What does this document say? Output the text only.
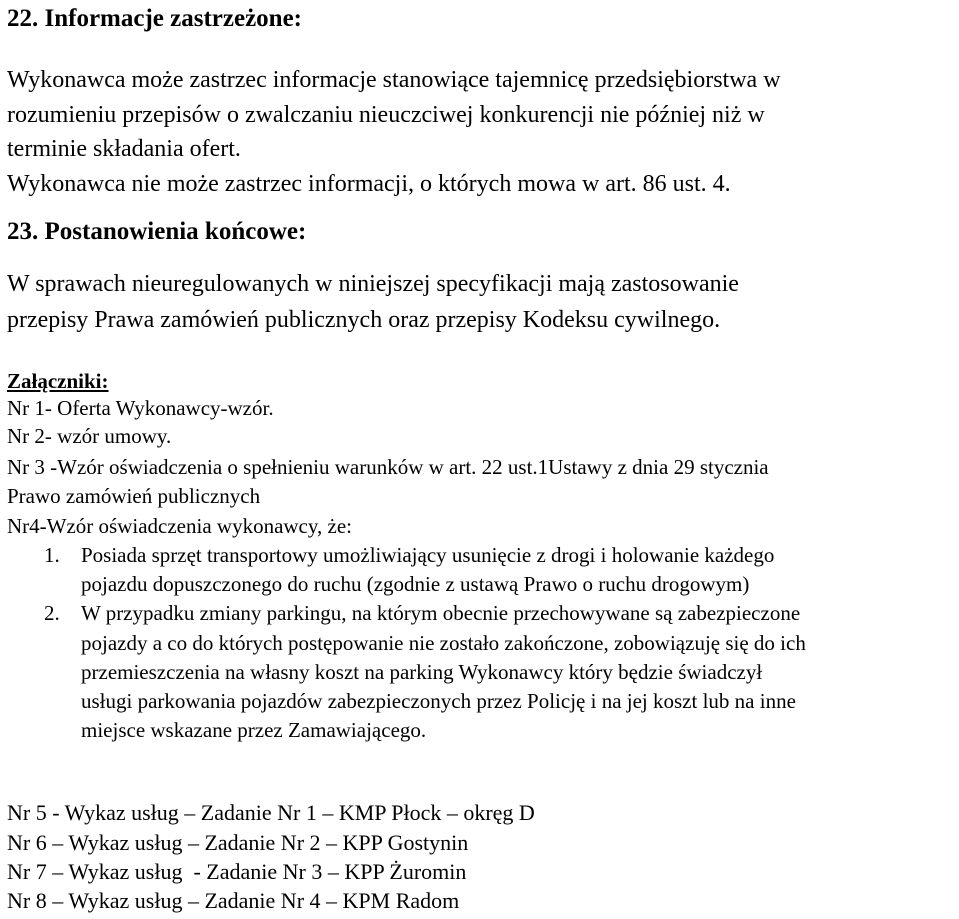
22. Informacje zastrzeżone:
Wykonawca może zastrzec informacje stanowiące tajemnicę przedsiębiorstwa w
rozumieniu przepisów o zwalczaniu nieuczciwej konkurencji nie później niż w
terminie składania ofert.
Wykonawca nie może zastrzec informacji, o których mowa w art. 86 ust. 4.
23. Postanowienia końcowe:
W sprawach nieuregulowanych w niniejszej specyfikacji mają zastosowanie
przepisy Prawa zamówień publicznych oraz przepisy Kodeksu cywilnego.
Załączniki:
Nr 1- Oferta Wykonawcy-wzór.
Nr 2- wzór umowy.
Nr 3 -Wzór oświadczenia o spełnieniu warunków w art. 22 ust.1Ustawy z dnia 29 stycznia
Prawo zamówień publicznych
Nr4-Wzór oświadczenia wykonawcy, że:
1. Posiada sprzęt transportowy umożliwiający usunięcie z drogi i holowanie każdego
pojazdu dopuszczonego do ruchu (zgodnie z ustawą Prawo o ruchu drogowym)
2. W przypadku zmiany parkingu, na którym obecnie przechowywane są zabezpieczone
pojazdy a co do których postępowanie nie zostało zakończone, zobowiązuję się do ich
przemieszczenia na własny koszt na parking Wykonawcy który będzie świadczył
usługi parkowania pojazdów zabezpieczonych przez Policję i na jej koszt lub na inne
miejsce wskazane przez Zamawiającego.
Nr 5 - Wykaz usług – Zadanie Nr 1 – KMP Płock – okręg D
Nr 6 – Wykaz usług – Zadanie Nr 2 – KPP Gostynin
Nr 7 – Wykaz usług  - Zadanie Nr 3 – KPP Żuromin
Nr 8 – Wykaz usług – Zadanie Nr 4 – KPM Radom
